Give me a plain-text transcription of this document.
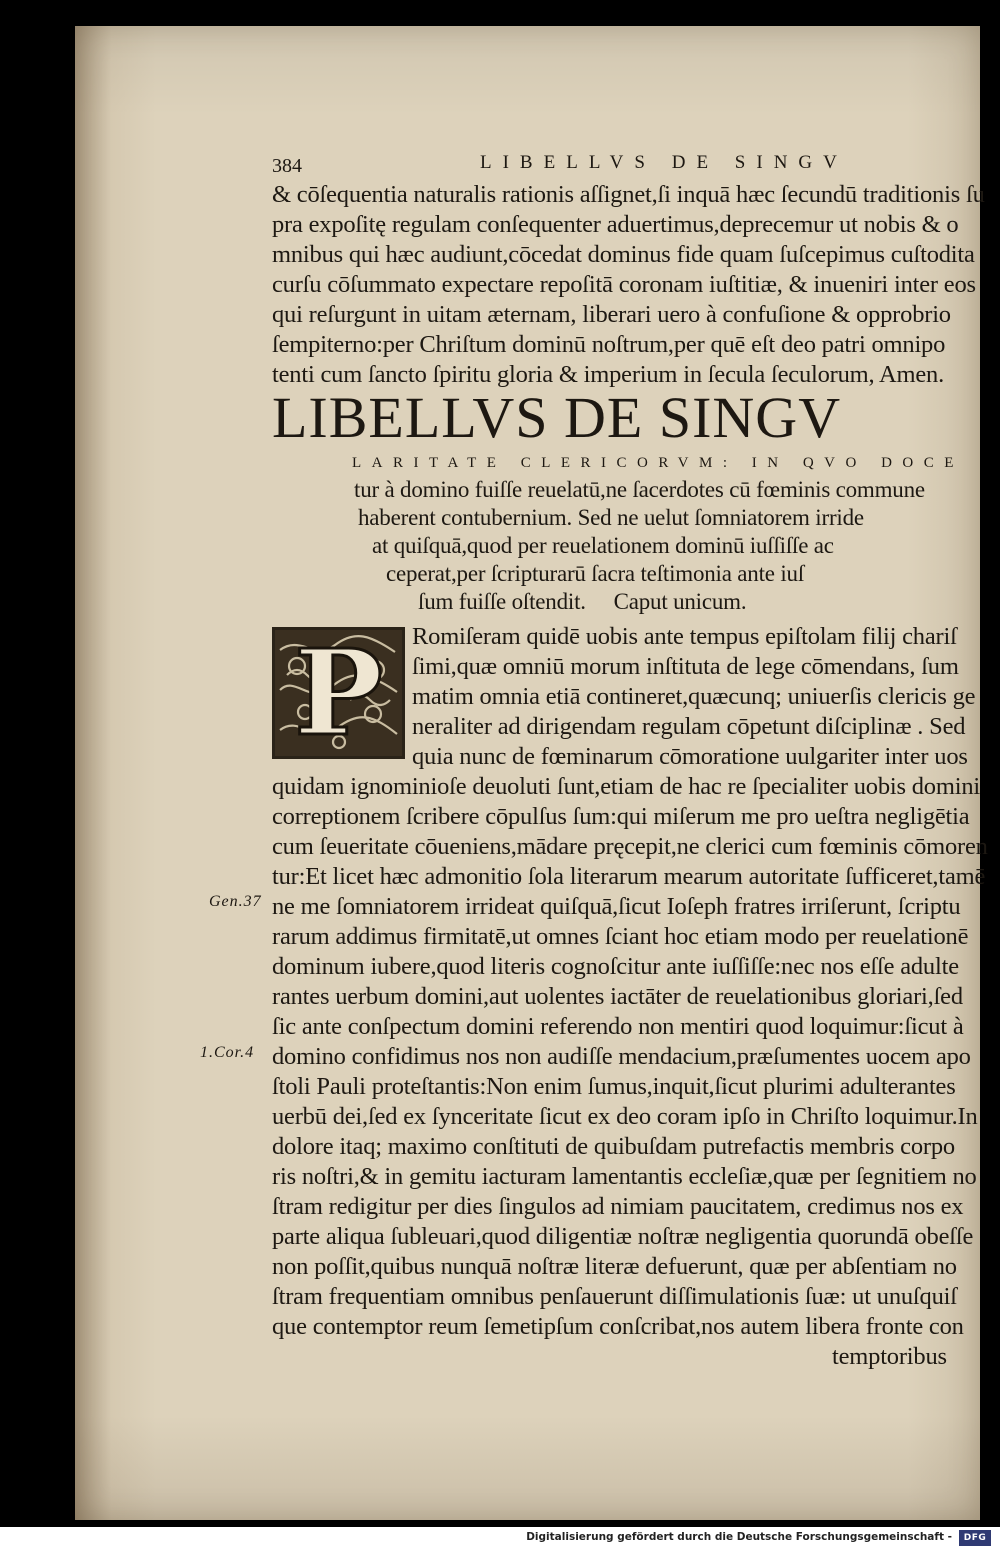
384	LIBELLVS DE SINGV
& cōſequentia naturalis rationis aſſignet,ſi inquā hæc ſecundū traditionis ſu
pra expoſitę regulam conſequenter aduertimus,deprecemur ut nobis & o
mnibus qui hæc audiunt,cōcedat dominus fide quam ſuſcepimus cuſtodita
curſu cōſummato expectare repoſitā coronam iuſtitiæ, & inueniri inter eos
qui reſurgunt in uitam æternam, liberari uero à confuſione & opprobrio
ſempiterno:per Chriſtum dominū noſtrum,per quē eſt deo patri omnipo
tenti cum ſancto ſpiritu gloria & imperium in ſecula ſeculorum, Amen.
LIBELLVS DE SINGV
LARITATE CLERICORVM: IN QVO DOCE
tur à domino fuiſſe reuelatū,ne ſacerdotes cū fœminis commune
haberent contubernium. Sed ne uelut ſomniatorem irride
at quiſquā,quod per reuelationem dominū iuſſiſſe ac
ceperat,per ſcripturarū ſacra teſtimonia ante iuſ
ſum fuiſſe oſtendit.     Caput unicum.
P	Romiſeram quidē uobis ante tempus epiſtolam filij chariſ
ſimi,quæ omniū morum inſtituta de lege cōmendans, ſum
matim omnia etiā contineret,quæcunq; uniuerſis clericis ge
neraliter ad dirigendam regulam cōpetunt diſciplinæ . Sed
quia nunc de fœminarum cōmoratione uulgariter inter uos
quidam ignominioſe deuoluti ſunt,etiam de hac re ſpecialiter uobis domini
correptionem ſcribere cōpulſus ſum:qui miſerum me pro ueſtra negligētia
cum ſeueritate cōueniens,mādare pręcepit,ne clerici cum fœminis cōmoren
tur:Et licet hæc admonitio ſola literarum mearum autoritate ſufficeret,tamē
ne me ſomniatorem irrideat quiſquā,ſicut Ioſeph fratres irriſerunt, ſcriptu
rarum addimus firmitatē,ut omnes ſciant hoc etiam modo per reuelationē
dominum iubere,quod literis cognoſcitur ante iuſſiſſe:nec nos eſſe adulte
rantes uerbum domini,aut uolentes iactāter de reuelationibus gloriari,ſed
ſic ante conſpectum domini referendo non mentiri quod loquimur:ſicut à
domino confidimus nos non audiſſe mendacium,præſumentes uocem apo
ſtoli Pauli proteſtantis:Non enim ſumus,inquit,ſicut plurimi adulterantes
uerbū dei,ſed ex ſynceritate ſicut ex deo coram ipſo in Chriſto loquimur.In
dolore itaq; maximo conſtituti de quibuſdam putrefactis membris corpo
ris noſtri,& in gemitu iacturam lamentantis eccleſiæ,quæ per ſegnitiem no
ſtram redigitur per dies ſingulos ad nimiam paucitatem, credimus nos ex
parte aliqua ſubleuari,quod diligentiæ noſtræ negligentia quorundā obeſſe
non poſſit,quibus nunquā noſtræ literæ defuerunt, quæ per abſentiam no
ſtram frequentiam omnibus penſauerunt diſſimulationis ſuæ: ut unuſquiſ
que contemptor reum ſemetipſum conſcribat,nos autem libera fronte con
temptoribus
Gen.37
1.Cor.4
Digitalisierung gefördert durch die Deutsche Forschungsgemeinschaft -	DFG
